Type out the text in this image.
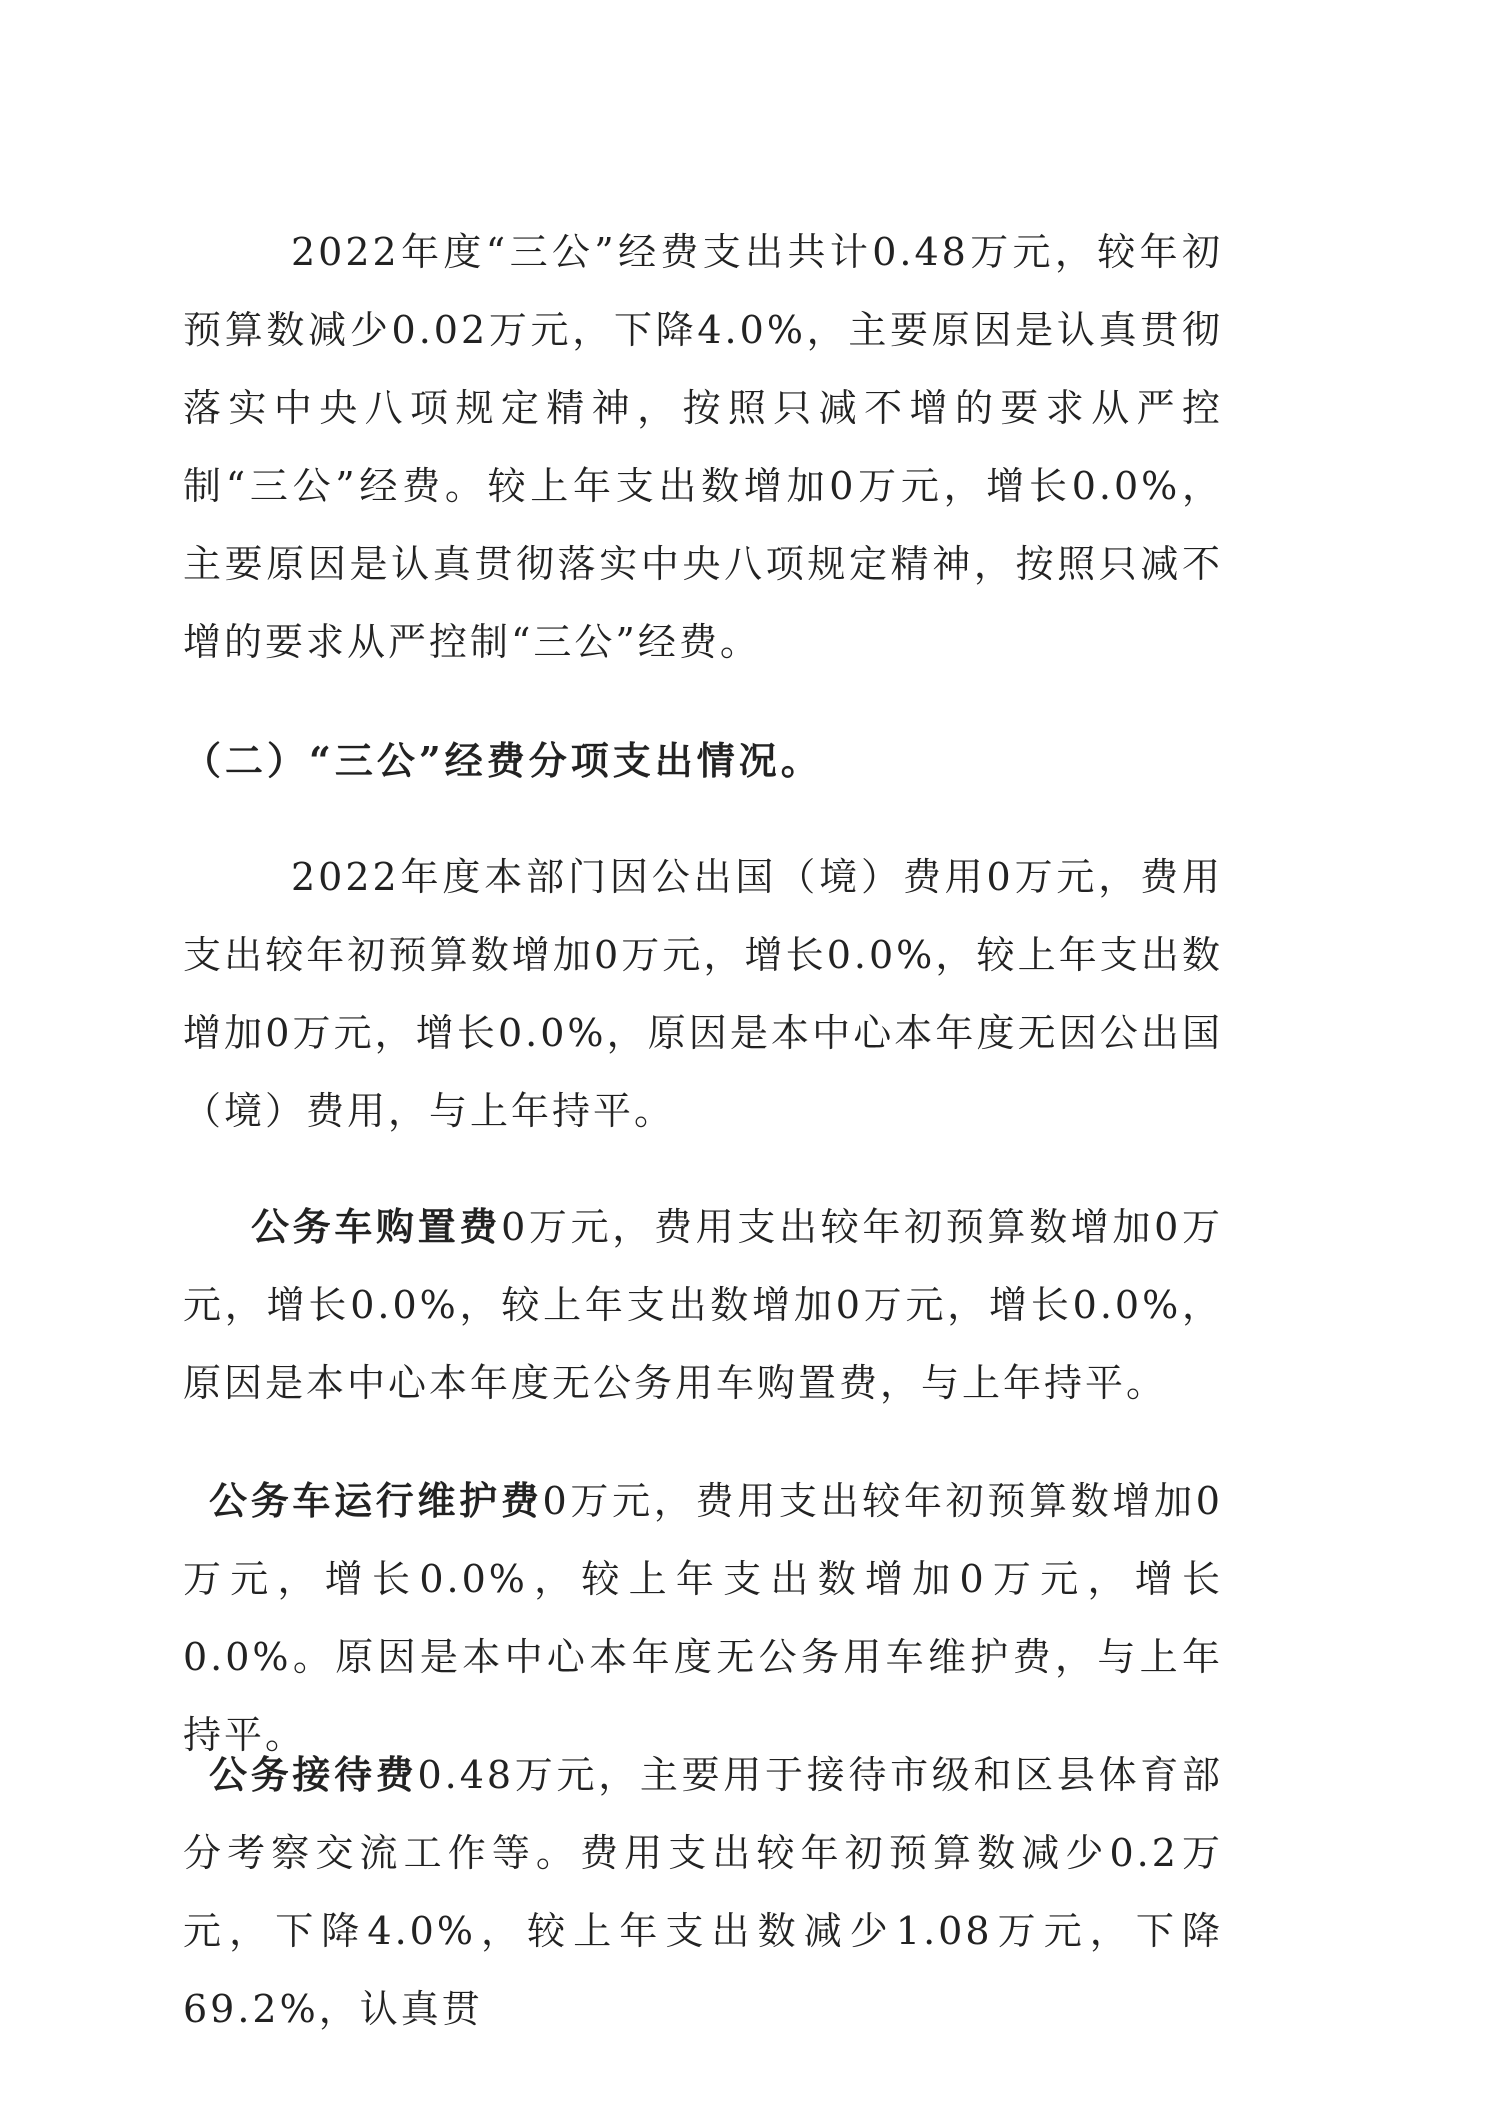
2022年度“三公”经费支出共计0.48万元，较年初预算数减少0.02万元，下降4.0%，主要原因是认真贯彻落实中央八项规定精神，按照只减不增的要求从严控制“三公”经费。较上年支出数增加0万元，增长0.0%，主要原因是认真贯彻落实中央八项规定精神，按照只减不增的要求从严控制“三公”经费。

（二）“三公”经费分项支出情况。

2022年度本部门因公出国（境）费用0万元，费用支出较年初预算数增加0万元，增长0.0%，较上年支出数增加0万元，增长0.0%，原因是本中心本年度无因公出国（境）费用，与上年持平。

公务车购置费0万元，费用支出较年初预算数增加0万元，增长0.0%，较上年支出数增加0万元，增长0.0%，原因是本中心本年度无公务用车购置费，与上年持平。

公务车运行维护费0万元，费用支出较年初预算数增加0万元，增长0.0%，较上年支出数增加0万元，增长0.0%。原因是本中心本年度无公务用车维护费，与上年持平。

公务接待费0.48万元，主要用于接待市级和区县体育部分考察交流工作等。费用支出较年初预算数减少0.2万元，下降4.0%，较上年支出数减少1.08万元，下降69.2%，认真贯
